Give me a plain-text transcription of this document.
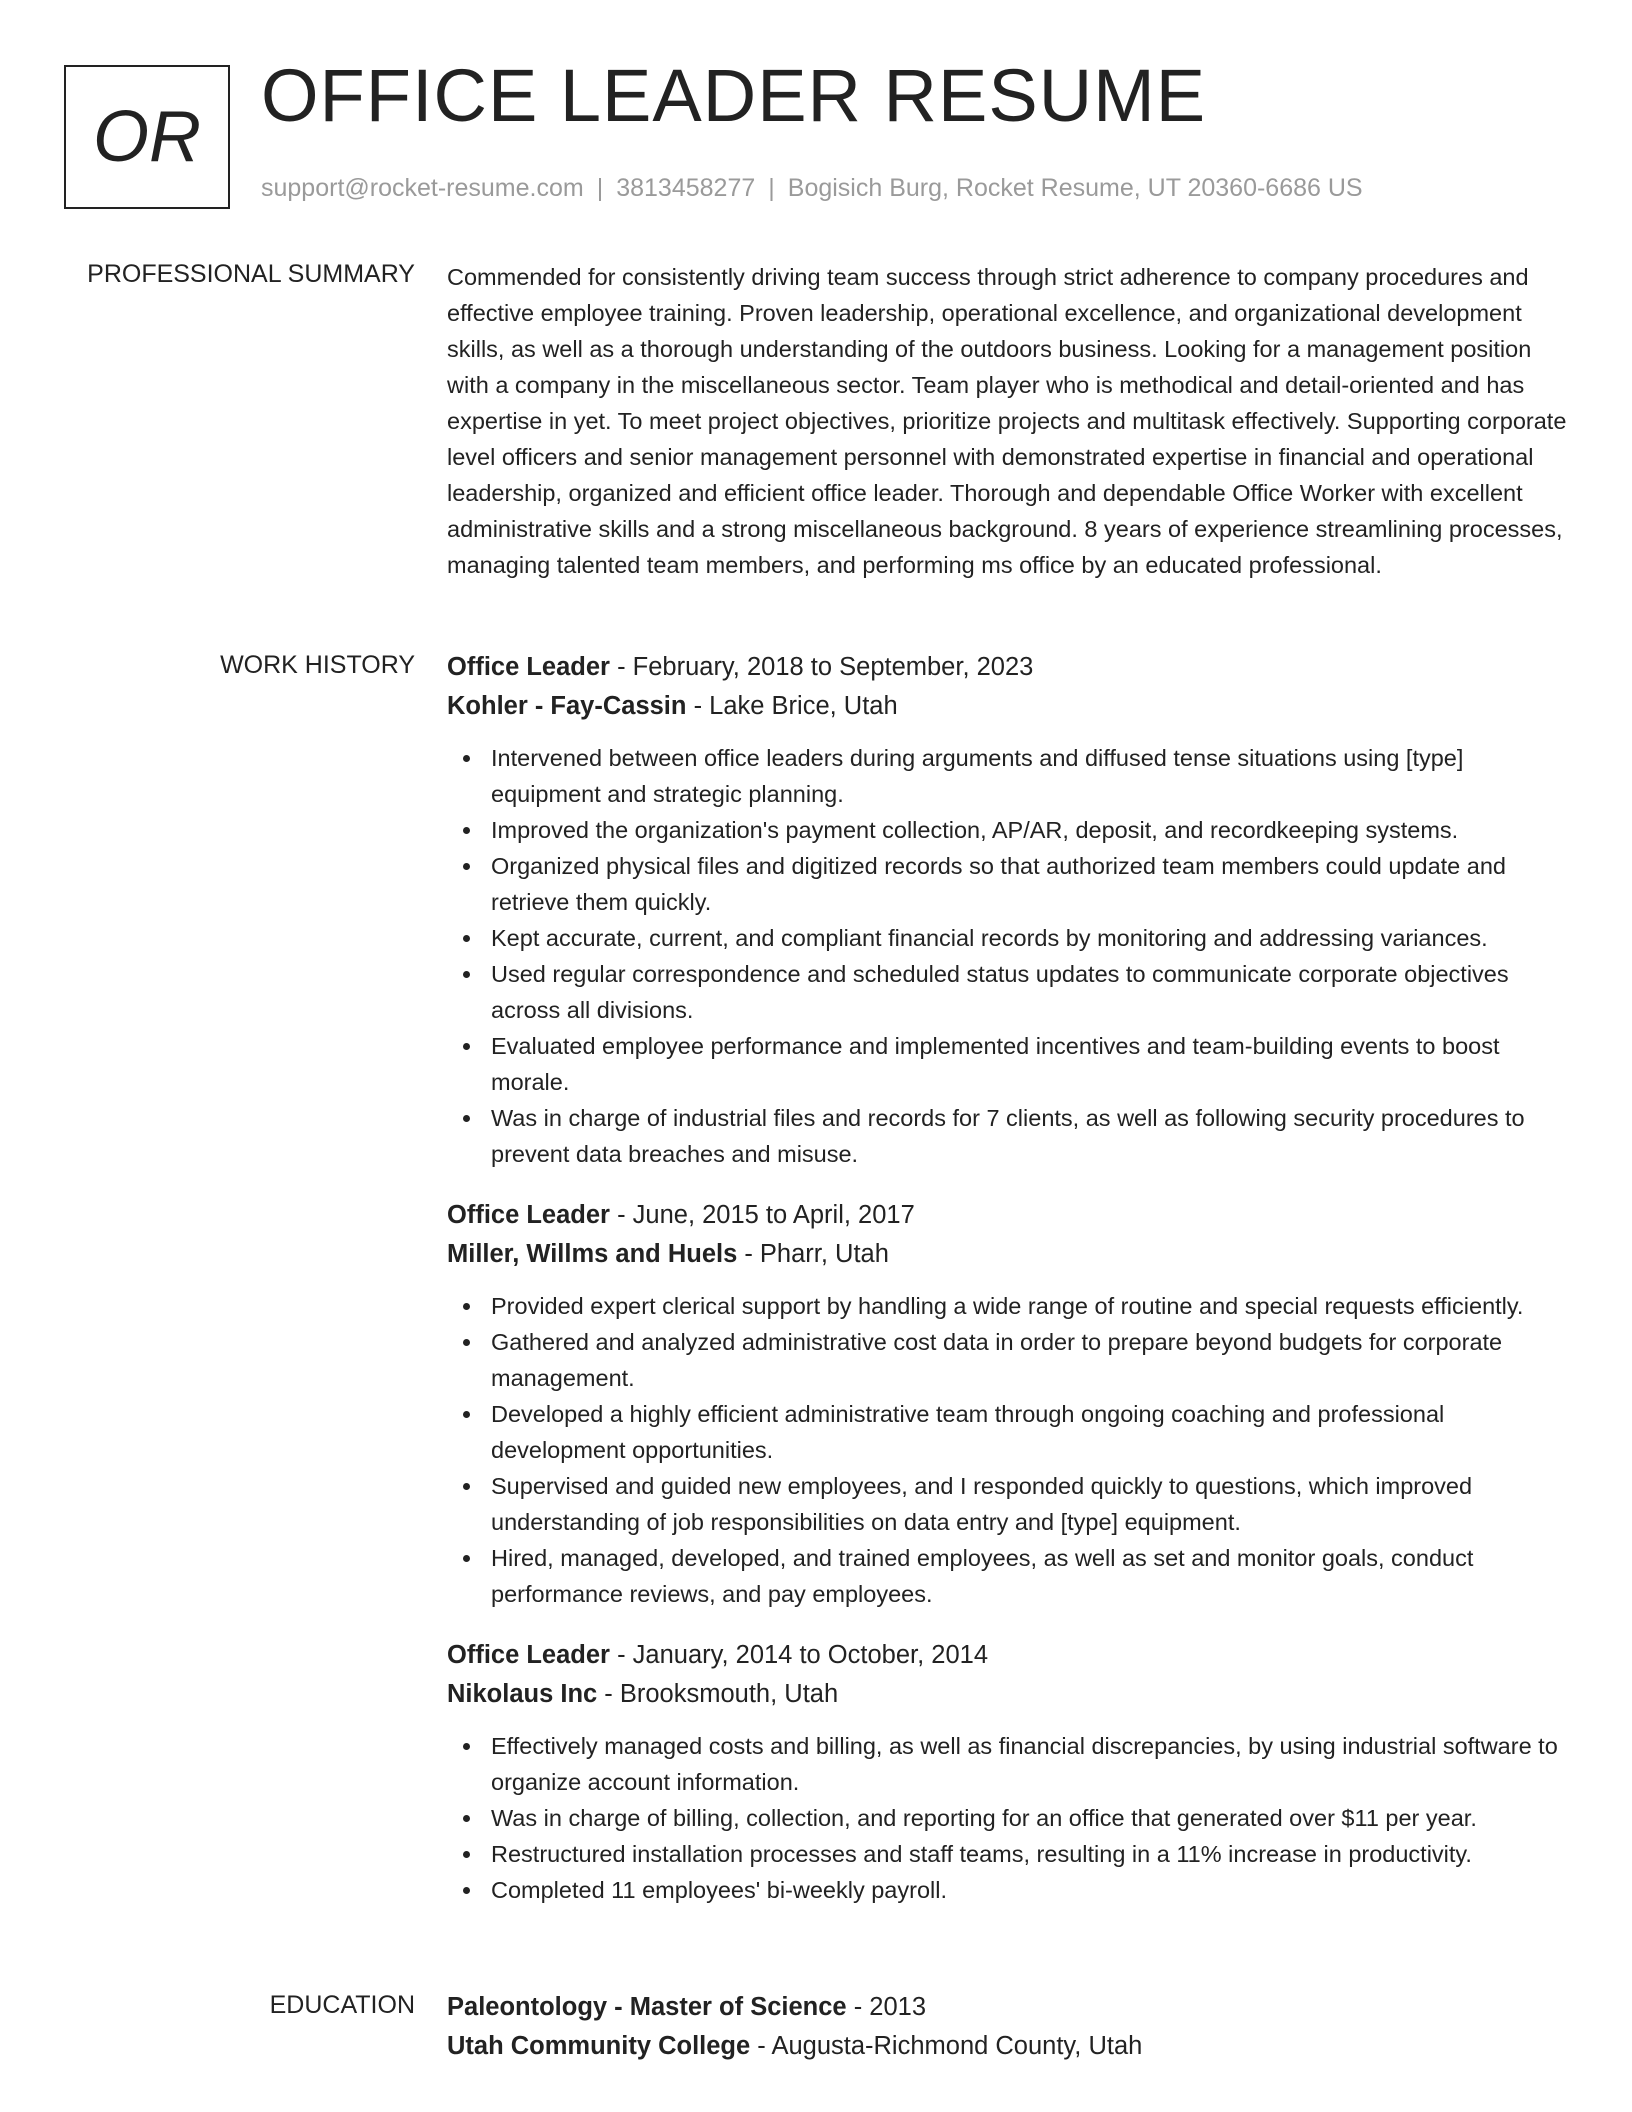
OR OFFICE LEADER RESUME
support@rocket-resume.com | 3813458277 | Bogisich Burg, Rocket Resume, UT 20360-6686 US
PROFESSIONAL SUMMARY Commended for consistently driving team success through strict adherence to company procedures and effective employee training. Proven leadership, operational excellence, and organizational development skills, as well as a thorough understanding of the outdoors business. Looking for a management position with a company in the miscellaneous sector. Team player who is methodical and detail-oriented and has expertise in yet. To meet project objectives, prioritize projects and multitask effectively. Supporting corporate level officers and senior management personnel with demonstrated expertise in financial and operational leadership, organized and efficient office leader. Thorough and dependable Office Worker with excellent administrative skills and a strong miscellaneous background. 8 years of experience streamlining processes, managing talented team members, and performing ms office by an educated professional.

WORK HISTORY Office Leader - February, 2018 to September, 2023
Kohler - Fay-Cassin - Lake Brice, Utah
Intervened between office leaders during arguments and diffused tense situations using [type] equipment and strategic planning.
Improved the organization's payment collection, AP/AR, deposit, and recordkeeping systems.
Organized physical files and digitized records so that authorized team members could update and retrieve them quickly.
Kept accurate, current, and compliant financial records by monitoring and addressing variances.
Used regular correspondence and scheduled status updates to communicate corporate objectives across all divisions.
Evaluated employee performance and implemented incentives and team-building events to boost morale.
Was in charge of industrial files and records for 7 clients, as well as following security procedures to prevent data breaches and misuse.
Office Leader - June, 2015 to April, 2017
Miller, Willms and Huels - Pharr, Utah
Provided expert clerical support by handling a wide range of routine and special requests efficiently.
Gathered and analyzed administrative cost data in order to prepare beyond budgets for corporate management.
Developed a highly efficient administrative team through ongoing coaching and professional development opportunities.
Supervised and guided new employees, and I responded quickly to questions, which improved understanding of job responsibilities on data entry and [type] equipment.
Hired, managed, developed, and trained employees, as well as set and monitor goals, conduct performance reviews, and pay employees.
Office Leader - January, 2014 to October, 2014
Nikolaus Inc - Brooksmouth, Utah
Effectively managed costs and billing, as well as financial discrepancies, by using industrial software to organize account information.
Was in charge of billing, collection, and reporting for an office that generated over $11 per year.
Restructured installation processes and staff teams, resulting in a 11% increase in productivity.
Completed 11 employees' bi-weekly payroll.
EDUCATION Paleontology - Master of Science - 2013
Utah Community College - Augusta-Richmond County, Utah
